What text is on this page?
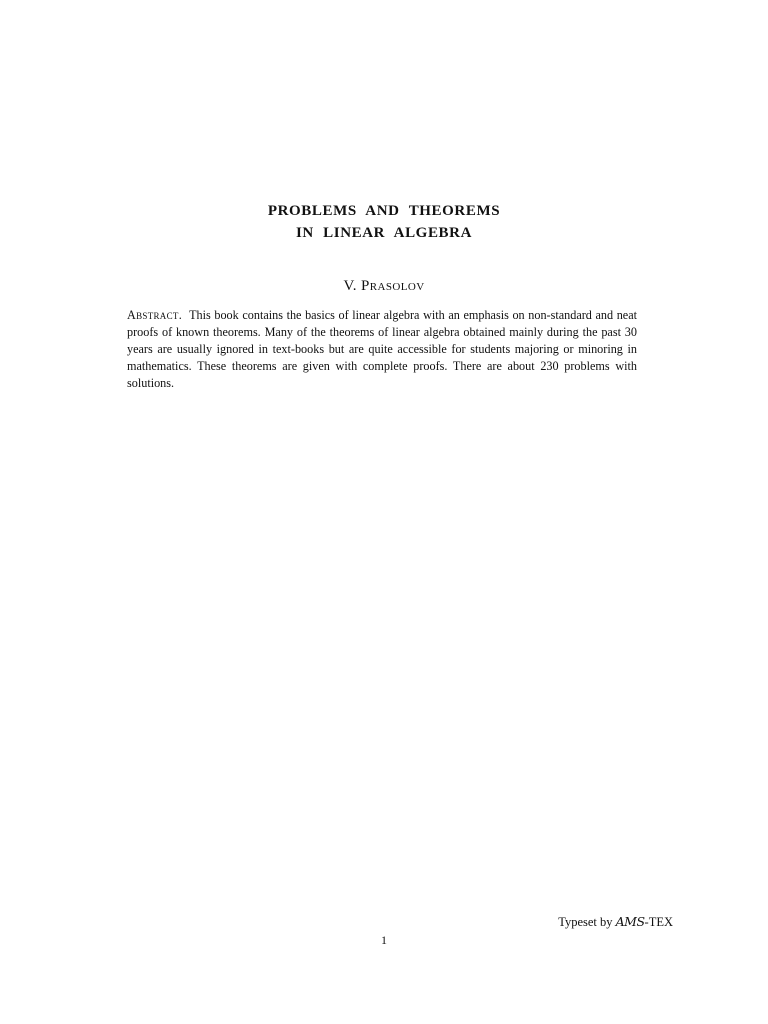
PROBLEMS AND THEOREMS
IN LINEAR ALGEBRA

V. Prasolov

Abstract. This book contains the basics of linear algebra with an emphasis on non-standard and neat proofs of known theorems. Many of the theorems of linear algebra obtained mainly during the past 30 years are usually ignored in text-books but are quite accessible for students majoring or minoring in mathematics. These theorems are given with complete proofs. There are about 230 problems with solutions.

Typeset by AMS-TEX

1
